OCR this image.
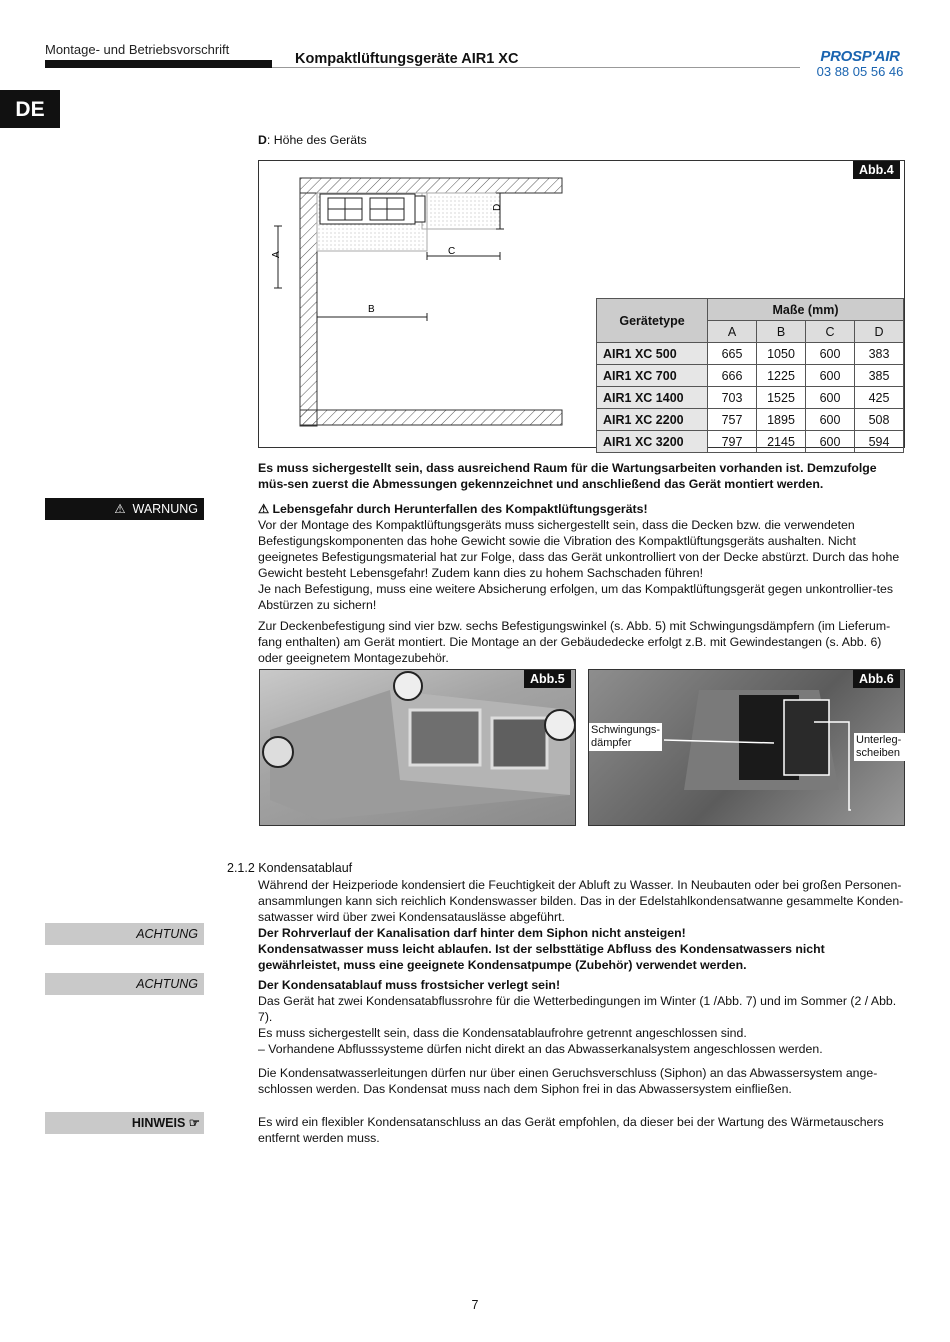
Montage- und Betriebsvorschrift
Kompaktlüftungsgeräte AIR1 XC	PROSP'AIR
03 88 05 56 46
DE
D: Höhe des Geräts
Abb.4
A
B
C
D
Gerätetype	Maße (mm)			
	A	B	C	D
AIR1 XC 500	665	1050	600	383
AIR1 XC 700	666	1225	600	385
AIR1 XC 1400	703	1525	600	425
AIR1 XC 2200	757	1895	600	508
AIR1 XC 3200	797	2145	600	594
Es muss sichergestellt sein, dass ausreichend Raum für die Wartungsarbeiten vorhanden ist. Demzufolge müs-sen zuerst die Abmessungen gekennzeichnet und anschließend das Gerät montiert werden.
⚠ WARNUNG	⚠ Lebensgefahr durch Herunterfallen des Kompaktlüftungsgeräts!
Vor der Montage des Kompaktlüftungsgeräts muss sichergestellt sein, dass die Decken bzw. die verwendeten Befestigungskomponenten das hohe Gewicht sowie die Vibration des Kompaktlüftungsgeräts aushalten. Nicht geeignetes Befestigungsmaterial hat zur Folge, dass das Gerät unkontrolliert von der Decke abstürzt. Durch das hohe Gewicht besteht Lebensgefahr! Zudem kann dies zu hohem Sachschaden führen!
Je nach Befestigung, muss eine weitere Absicherung erfolgen, um das Kompaktlüftungsgerät gegen unkontrollier-tes Abstürzen zu sichern!
Zur Deckenbefestigung sind vier bzw. sechs Befestigungswinkel (s. Abb. 5) mit Schwingungsdämpfern (im Lieferum-fang enthalten) am Gerät montiert. Die Montage an der Gebäudedecke erfolgt z.B. mit Gewindestangen (s. Abb. 6) oder geeignetem Montagezubehör.
Abb.5	Abb.6
Schwingungs-dämpfer	Unterleg-scheiben
2.1.2 Kondensatablauf
Während der Heizperiode kondensiert die Feuchtigkeit der Abluft zu Wasser. In Neubauten oder bei großen Personen-ansammlungen kann sich reichlich Kondenswasser bilden. Das in der Edelstahlkondensatwanne gesammelte Konden-satwasser wird über zwei Kondensatauslässe abgeführt.
ACHTUNG	Der Rohrverlauf der Kanalisation darf hinter dem Siphon nicht ansteigen!
Kondensatwasser muss leicht ablaufen. Ist der selbsttätige Abfluss des Kondensatwassers nicht gewährleistet, muss eine geeignete Kondensatpumpe (Zubehör) verwendet werden.
ACHTUNG	Der Kondensatablauf muss frostsicher verlegt sein!
Das Gerät hat zwei Kondensatabflussrohre für die Wetterbedingungen im Winter (1 /Abb. 7) und im Sommer (2 / Abb. 7).
Es muss sichergestellt sein, dass die Kondensatablaufrohre getrennt angeschlossen sind.
– Vorhandene Abflusssysteme dürfen nicht direkt an das Abwasserkanalsystem angeschlossen werden.
Die Kondensatwasserleitungen dürfen nur über einen Geruchsverschluss (Siphon) an das Abwassersystem ange-schlossen werden. Das Kondensat muss nach dem Siphon frei in das Abwassersystem einfließen.
HINWEIS ☞	Es wird ein flexibler Kondensatanschluss an das Gerät empfohlen, da dieser bei der Wartung des Wärmetauschers entfernt werden muss.
7
